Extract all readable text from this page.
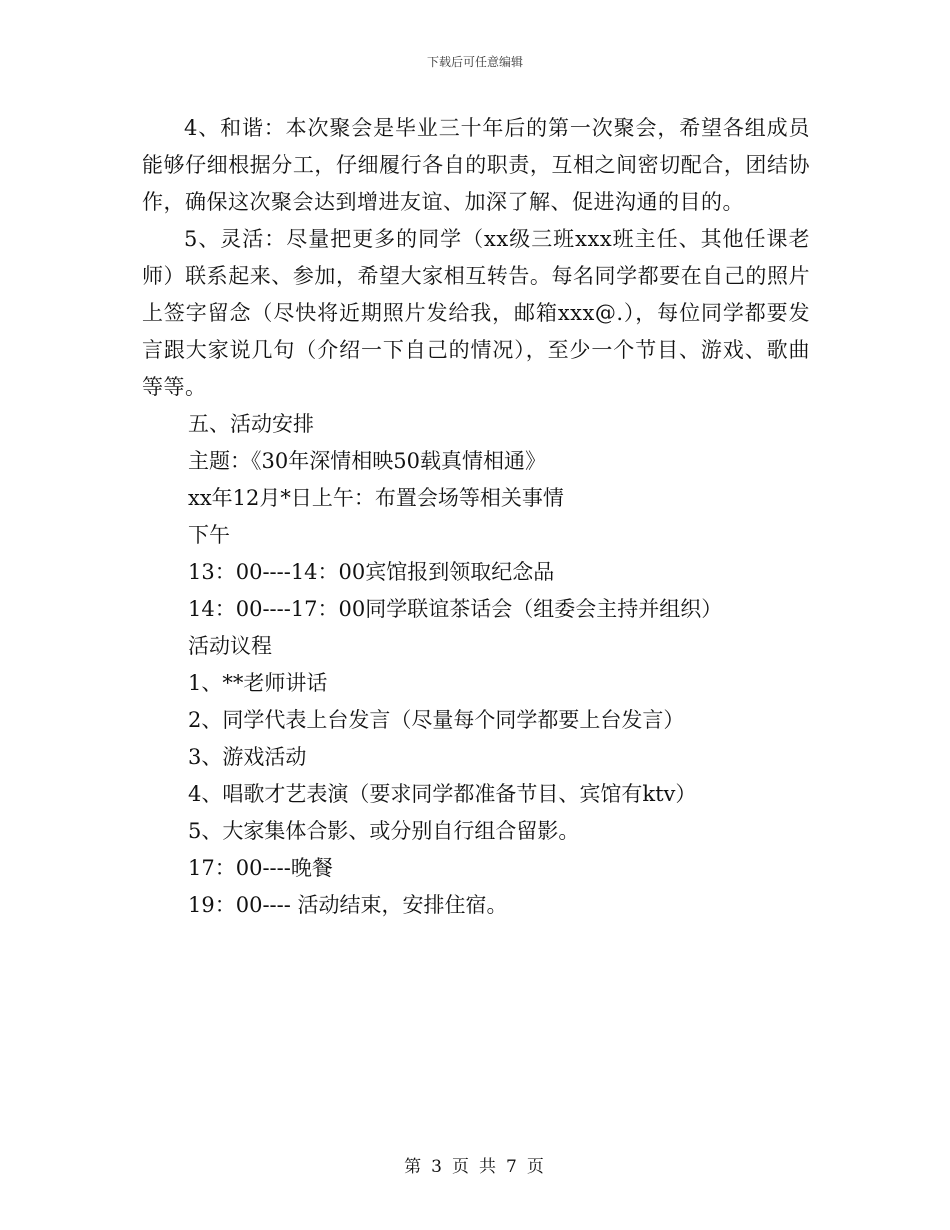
下载后可任意编辑

4、和谐：本次聚会是毕业三十年后的第一次聚会，希望各组成员能够仔细根据分工，仔细履行各自的职责，互相之间密切配合，团结协作，确保这次聚会达到增进友谊、加深了解、促进沟通的目的。

5、灵活：尽量把更多的同学（xx级三班xxx班主任、其他任课老师）联系起来、参加，希望大家相互转告。每名同学都要在自己的照片上签字留念（尽快将近期照片发给我，邮箱xxx@.），每位同学都要发言跟大家说几句（介绍一下自己的情况），至少一个节目、游戏、歌曲等等。

五、活动安排

主题：《30年深情相映50载真情相通》

xx年12月*日上午：布置会场等相关事情

下午

13：00----14：00宾馆报到领取纪念品

14：00----17：00同学联谊茶话会（组委会主持并组织）

活动议程

1、**老师讲话

2、同学代表上台发言（尽量每个同学都要上台发言）

3、游戏活动

4、唱歌才艺表演（要求同学都准备节目、宾馆有ktv）

5、大家集体合影、或分别自行组合留影。

17：00----晚餐

19：00---- 活动结束，安排住宿。

第 3 页 共 7 页
